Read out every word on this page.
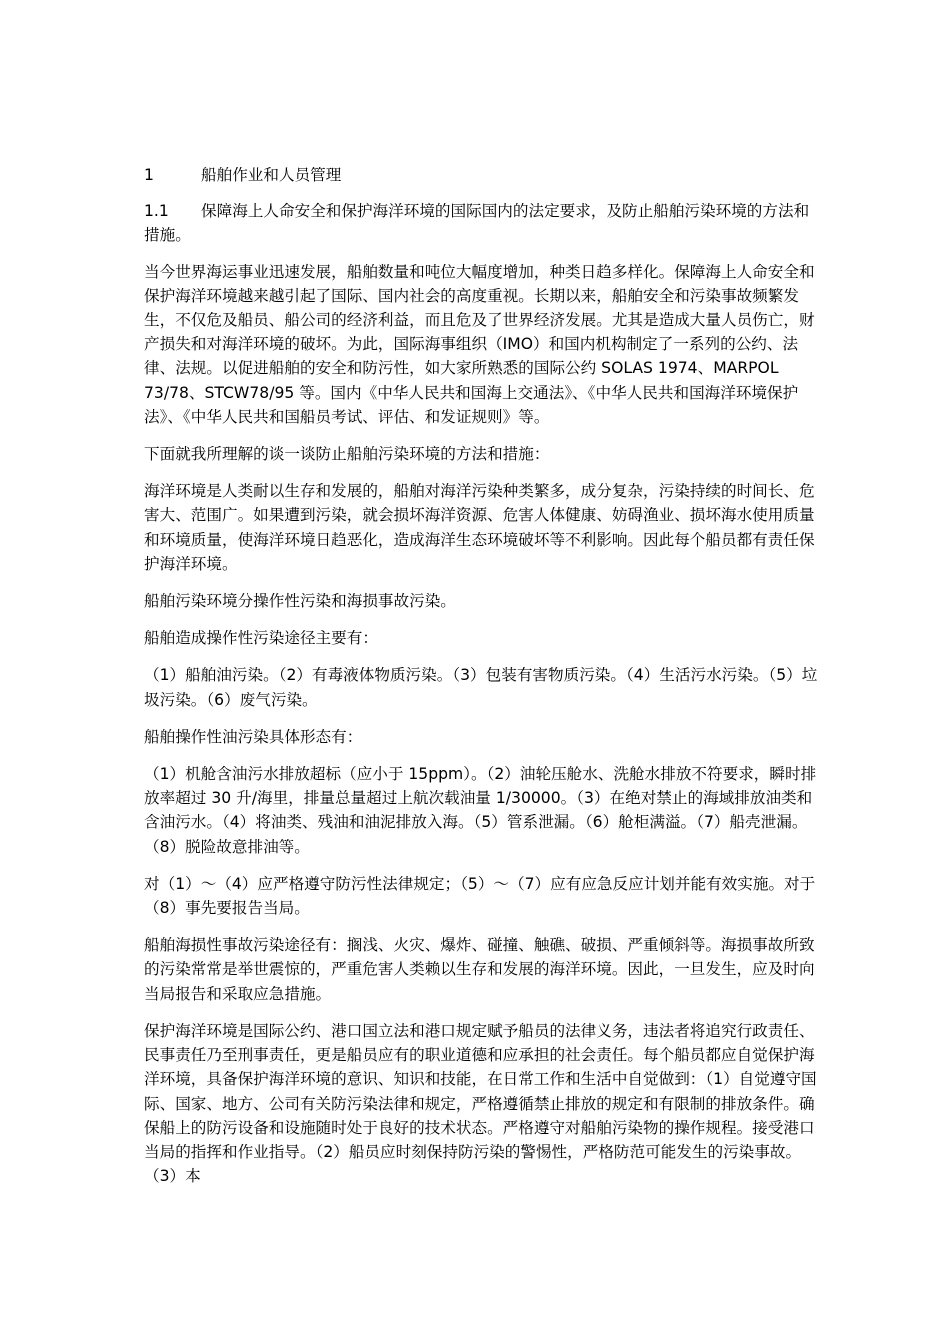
1	船舶作业和人员管理
1.1 保障海上人命安全和保护海洋环境的国际国内的法定要求，及防止船舶污染环境的方法和措施。

当今世界海运事业迅速发展，船舶数量和吨位大幅度增加，种类日趋多样化。保障海上人命安全和保护海洋环境越来越引起了国际、国内社会的高度重视。长期以来，船舶安全和污染事故频繁发生，不仅危及船员、船公司的经济利益，而且危及了世界经济发展。尤其是造成大量人员伤亡，财产损失和对海洋环境的破坏。为此，国际海事组织（IMO）和国内机构制定了一系列的公约、法律、法规。以促进船舶的安全和防污性，如大家所熟悉的国际公约 SOLAS 1974、MARPOL 73/78、STCW78/95 等。国内《中华人民共和国海上交通法》、《中华人民共和国海洋环境保护法》、《中华人民共和国船员考试、评估、和发证规则》等。

下面就我所理解的谈一谈防止船舶污染环境的方法和措施：

海洋环境是人类耐以生存和发展的，船舶对海洋污染种类繁多，成分复杂，污染持续的时间长、危害大、范围广。如果遭到污染，就会损坏海洋资源、危害人体健康、妨碍渔业、损坏海水使用质量和环境质量，使海洋环境日趋恶化，造成海洋生态环境破坏等不利影响。因此每个船员都有责任保护海洋环境。

船舶污染环境分操作性污染和海损事故污染。

船舶造成操作性污染途径主要有：

（1）船舶油污染。（2）有毒液体物质污染。（3）包装有害物质污染。（4）生活污水污染。（5）垃圾污染。（6）废气污染。

船舶操作性油污染具体形态有：

（1）机舱含油污水排放超标（应小于 15ppm）。（2）油轮压舱水、洗舱水排放不符要求，瞬时排放率超过 30 升/海里，排量总量超过上航次载油量 1/30000。（3）在绝对禁止的海域排放油类和含油污水。（4）将油类、残油和油泥排放入海。（5）管系泄漏。（6）舱柜满溢。（7）船壳泄漏。（8）脱险故意排油等。

对（1）～（4）应严格遵守防污性法律规定；（5）～（7）应有应急反应计划并能有效实施。对于（8）事先要报告当局。

船舶海损性事故污染途径有：搁浅、火灾、爆炸、碰撞、触礁、破损、严重倾斜等。海损事故所致的污染常常是举世震惊的，严重危害人类赖以生存和发展的海洋环境。因此，一旦发生，应及时向当局报告和采取应急措施。

保护海洋环境是国际公约、港口国立法和港口规定赋予船员的法律义务，违法者将追究行政责任、民事责任乃至刑事责任，更是船员应有的职业道德和应承担的社会责任。每个船员都应自觉保护海洋环境，具备保护海洋环境的意识、知识和技能，在日常工作和生活中自觉做到：（1）自觉遵守国际、国家、地方、公司有关防污染法律和规定，严格遵循禁止排放的规定和有限制的排放条件。确保船上的防污设备和设施随时处于良好的技术状态。严格遵守对船舶污染物的操作规程。接受港口当局的指挥和作业指导。（2）船员应时刻保持防污染的警惕性，严格防范可能发生的污染事故。（3）本
